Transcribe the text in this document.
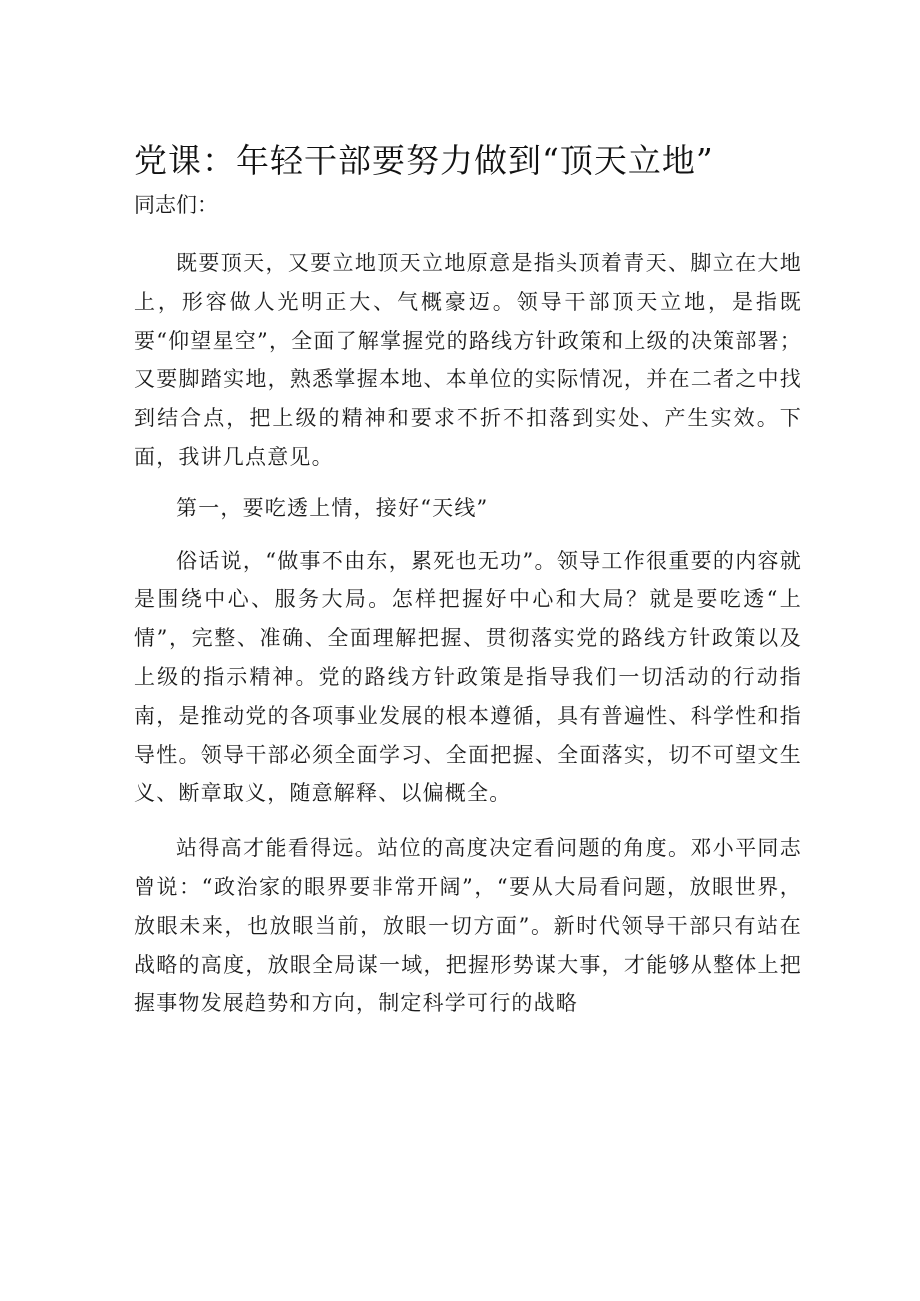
党课：年轻干部要努力做到“顶天立地”

同志们：

既要顶天，又要立地顶天立地原意是指头顶着青天、脚立在大地上，形容做人光明正大、气概豪迈。领导干部顶天立地，是指既要“仰望星空”，全面了解掌握党的路线方针政策和上级的决策部署；又要脚踏实地，熟悉掌握本地、本单位的实际情况，并在二者之中找到结合点，把上级的精神和要求不折不扣落到实处、产生实效。下面，我讲几点意见。

第一，要吃透上情，接好“天线”

俗话说，“做事不由东，累死也无功”。领导工作很重要的内容就是围绕中心、服务大局。怎样把握好中心和大局？就是要吃透“上情”，完整、准确、全面理解把握、贯彻落实党的路线方针政策以及上级的指示精神。党的路线方针政策是指导我们一切活动的行动指南，是推动党的各项事业发展的根本遵循，具有普遍性、科学性和指导性。领导干部必须全面学习、全面把握、全面落实，切不可望文生义、断章取义，随意解释、以偏概全。

站得高才能看得远。站位的高度决定看问题的角度。邓小平同志曾说：“政治家的眼界要非常开阔”，“要从大局看问题，放眼世界，放眼未来，也放眼当前，放眼一切方面”。新时代领导干部只有站在战略的高度，放眼全局谋一域，把握形势谋大事，才能够从整体上把握事物发展趋势和方向，制定科学可行的战略
